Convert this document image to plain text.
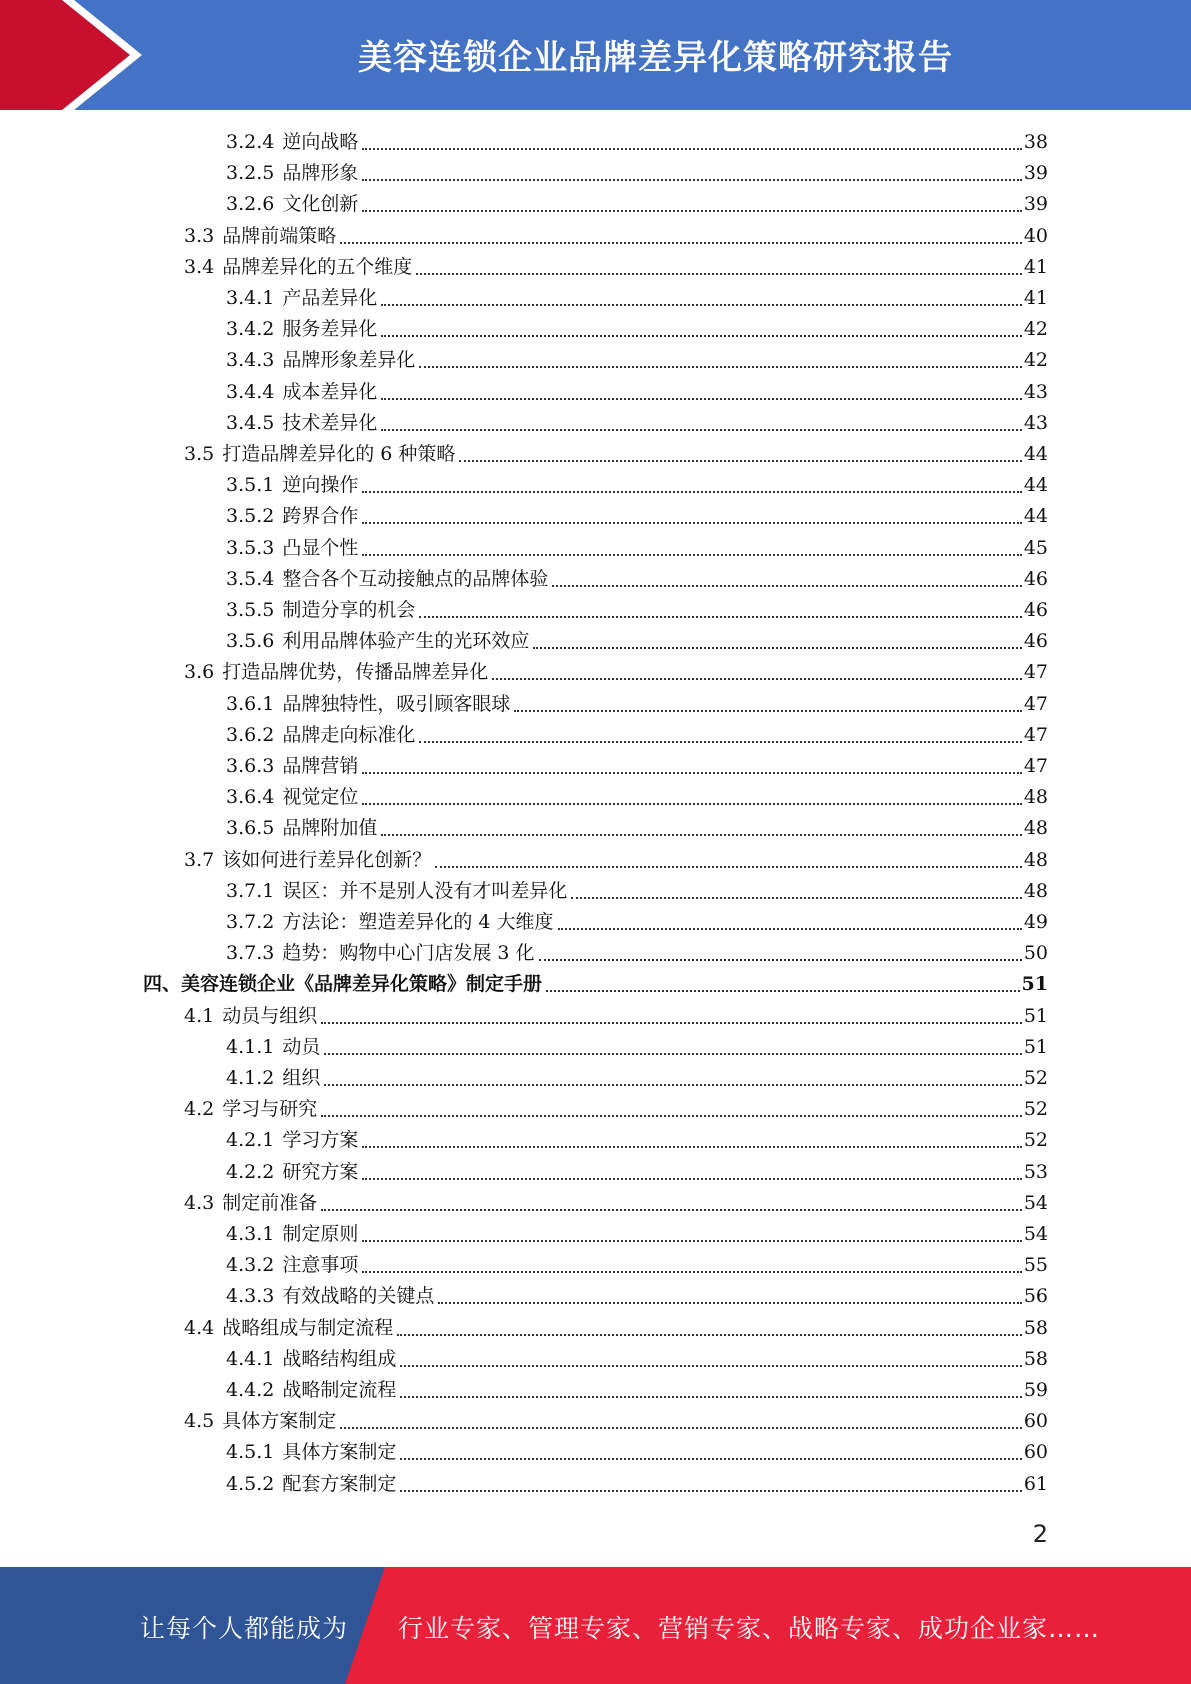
美容连锁企业品牌差异化策略研究报告
3.2.4 逆向战略	38
3.2.5 品牌形象	39
3.2.6 文化创新	39
3.3 品牌前端策略	40
3.4 品牌差异化的五个维度	41
3.4.1 产品差异化	41
3.4.2 服务差异化	42
3.4.3 品牌形象差异化	42
3.4.4 成本差异化	43
3.4.5 技术差异化	43
3.5 打造品牌差异化的 6 种策略	44
3.5.1 逆向操作	44
3.5.2 跨界合作	44
3.5.3 凸显个性	45
3.5.4 整合各个互动接触点的品牌体验	46
3.5.5 制造分享的机会	46
3.5.6 利用品牌体验产生的光环效应	46
3.6 打造品牌优势，传播品牌差异化	47
3.6.1 品牌独特性，吸引顾客眼球	47
3.6.2 品牌走向标准化	47
3.6.3 品牌营销	47
3.6.4 视觉定位	48
3.6.5 品牌附加值	48
3.7 该如何进行差异化创新？	48
3.7.1 误区：并不是别人没有才叫差异化	48
3.7.2 方法论：塑造差异化的 4 大维度	49
3.7.3 趋势：购物中心门店发展 3 化	50
四、美容连锁企业《品牌差异化策略》制定手册	51
4.1 动员与组织	51
4.1.1 动员	51
4.1.2 组织	52
4.2 学习与研究	52
4.2.1 学习方案	52
4.2.2 研究方案	53
4.3 制定前准备	54
4.3.1 制定原则	54
4.3.2 注意事项	55
4.3.3 有效战略的关键点	56
4.4 战略组成与制定流程	58
4.4.1 战略结构组成	58
4.4.2 战略制定流程	59
4.5 具体方案制定	60
4.5.1 具体方案制定	60
4.5.2 配套方案制定	61
2
让每个人都能成为 行业专家、管理专家、营销专家、战略专家、成功企业家……
